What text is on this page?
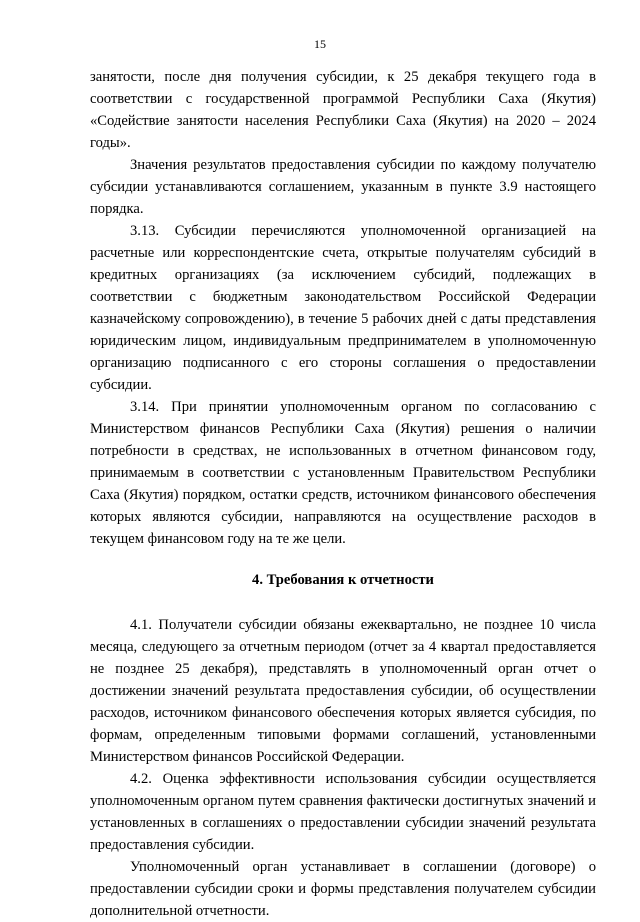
15

занятости, после дня получения субсидии, к 25 декабря текущего года в соответствии с государственной программой Республики Саха (Якутия) «Содействие занятости населения Республики Саха (Якутия) на 2020 – 2024 годы».

Значения результатов предоставления субсидии по каждому получателю субсидии устанавливаются соглашением, указанным в пункте 3.9 настоящего порядка.

3.13. Субсидии перечисляются уполномоченной организацией на расчетные или корреспондентские счета, открытые получателям субсидий в кредитных организациях (за исключением субсидий, подлежащих в соответствии с бюджетным законодательством Российской Федерации казначейскому сопровождению), в течение 5 рабочих дней с даты представления юридическим лицом, индивидуальным предпринимателем в уполномоченную организацию подписанного с его стороны соглашения о предоставлении субсидии.

3.14. При принятии уполномоченным органом по согласованию с Министерством финансов Республики Саха (Якутия) решения о наличии потребности в средствах, не использованных в отчетном финансовом году, принимаемым в соответствии с установленным Правительством Республики Саха (Якутия) порядком, остатки средств, источником финансового обеспечения которых являются субсидии, направляются на осуществление расходов в текущем финансовом году на те же цели.

4. Требования к отчетности

4.1. Получатели субсидии обязаны ежеквартально, не позднее 10 числа месяца, следующего за отчетным периодом (отчет за 4 квартал предоставляется не позднее 25 декабря), представлять в уполномоченный орган отчет о достижении значений результата предоставления субсидии, об осуществлении расходов, источником финансового обеспечения которых является субсидия, по формам, определенным типовыми формами соглашений, установленными Министерством финансов Российской Федерации.

4.2. Оценка эффективности использования субсидии осуществляется уполномоченным органом путем сравнения фактически достигнутых значений и установленных в соглашениях о предоставлении субсидии значений результата предоставления субсидии.

Уполномоченный орган устанавливает в соглашении (договоре) о предоставлении субсидии сроки и формы представления получателем субсидии дополнительной отчетности.
